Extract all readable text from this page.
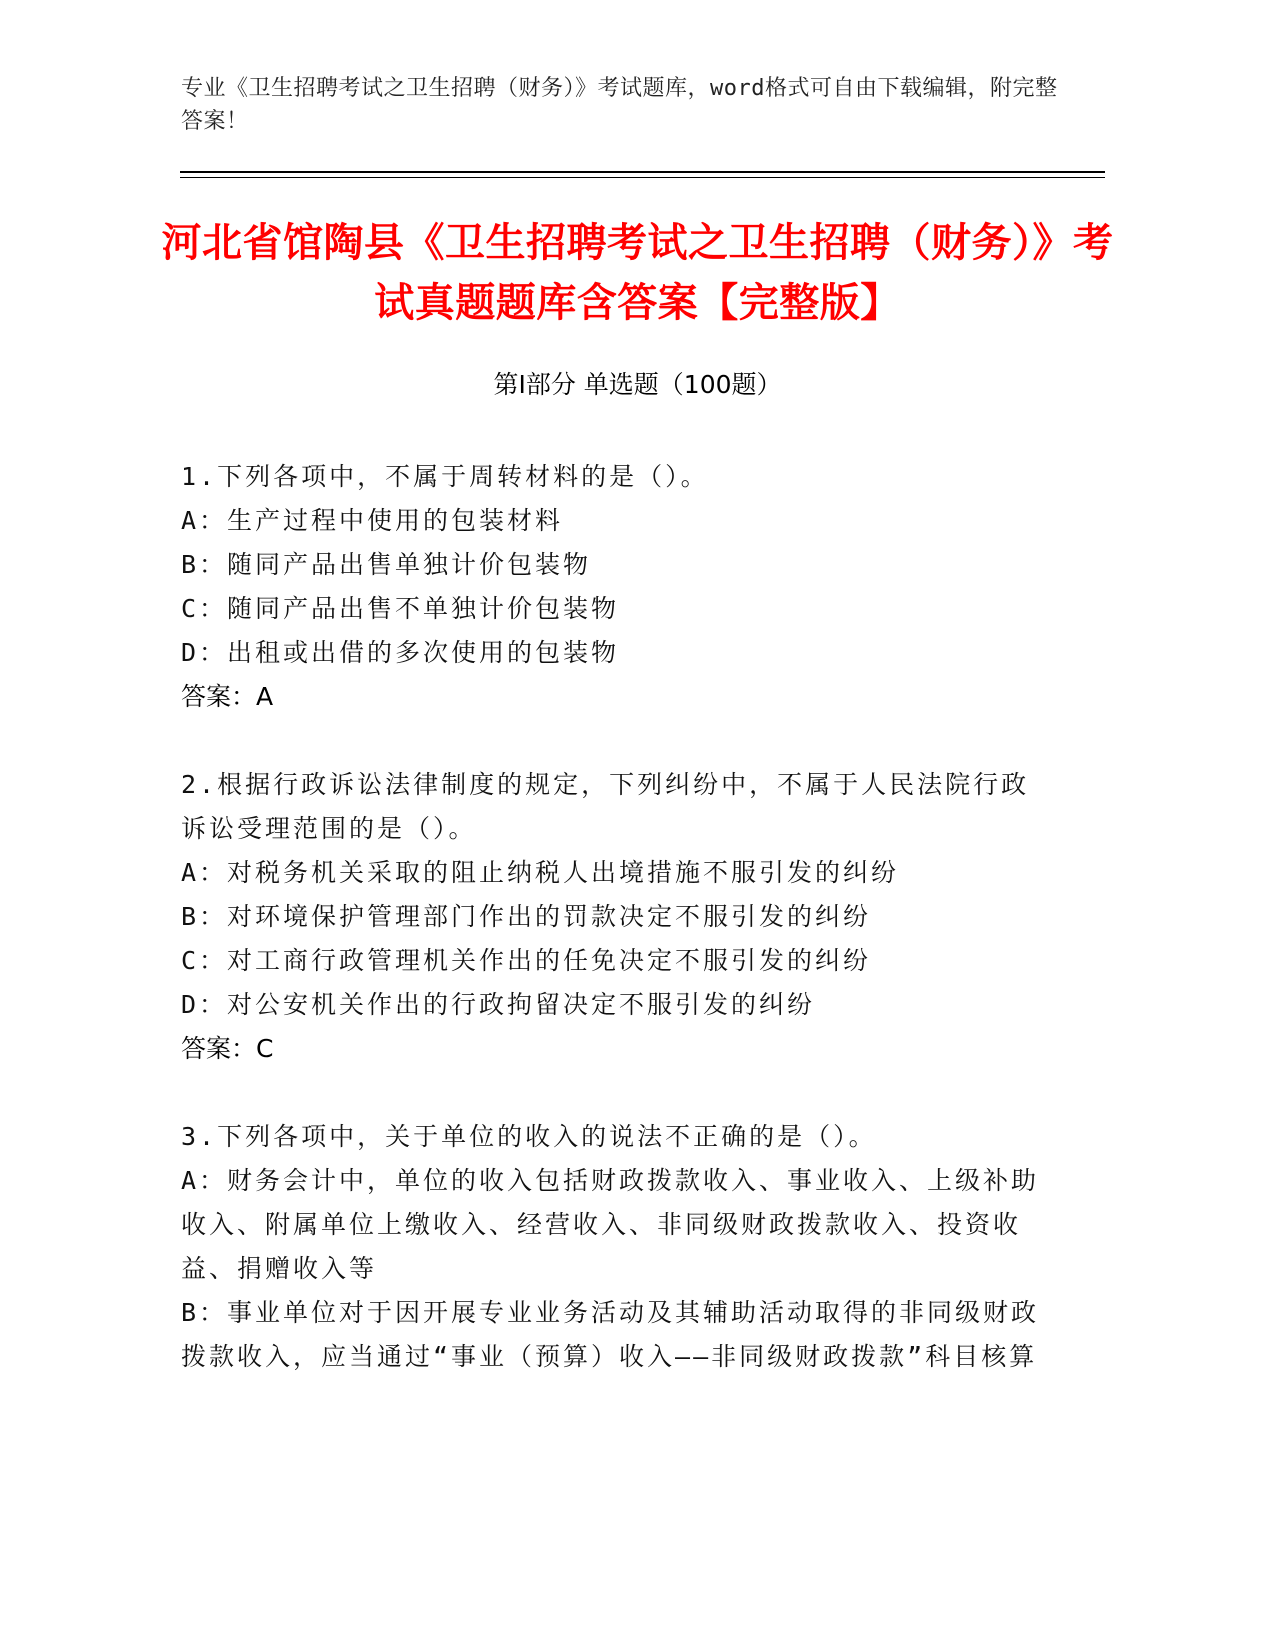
专业《卫生招聘考试之卫生招聘（财务）》考试题库，word格式可自由下载编辑，附完整答案！
河北省馆陶县《卫生招聘考试之卫生招聘（财务）》考试真题题库含答案【完整版】
第Ⅰ部分 单选题（100题）

1.下列各项中，不属于周转材料的是（）。

A：生产过程中使用的包装材料

B：随同产品出售单独计价包装物

C：随同产品出售不单独计价包装物

D：出租或出借的多次使用的包装物

答案：A

2.根据行政诉讼法律制度的规定，下列纠纷中，不属于人民法院行政诉讼受理范围的是（）。

A：对税务机关采取的阻止纳税人出境措施不服引发的纠纷

B：对环境保护管理部门作出的罚款决定不服引发的纠纷

C：对工商行政管理机关作出的任免决定不服引发的纠纷

D：对公安机关作出的行政拘留决定不服引发的纠纷

答案：C

3.下列各项中，关于单位的收入的说法不正确的是（）。

A：财务会计中，单位的收入包括财政拨款收入、事业收入、上级补助收入、附属单位上缴收入、经营收入、非同级财政拨款收入、投资收益、捐赠收入等

B：事业单位对于因开展专业业务活动及其辅助活动取得的非同级财政拨款收入，应当通过“事业（预算）收入——非同级财政拨款”科目核算
